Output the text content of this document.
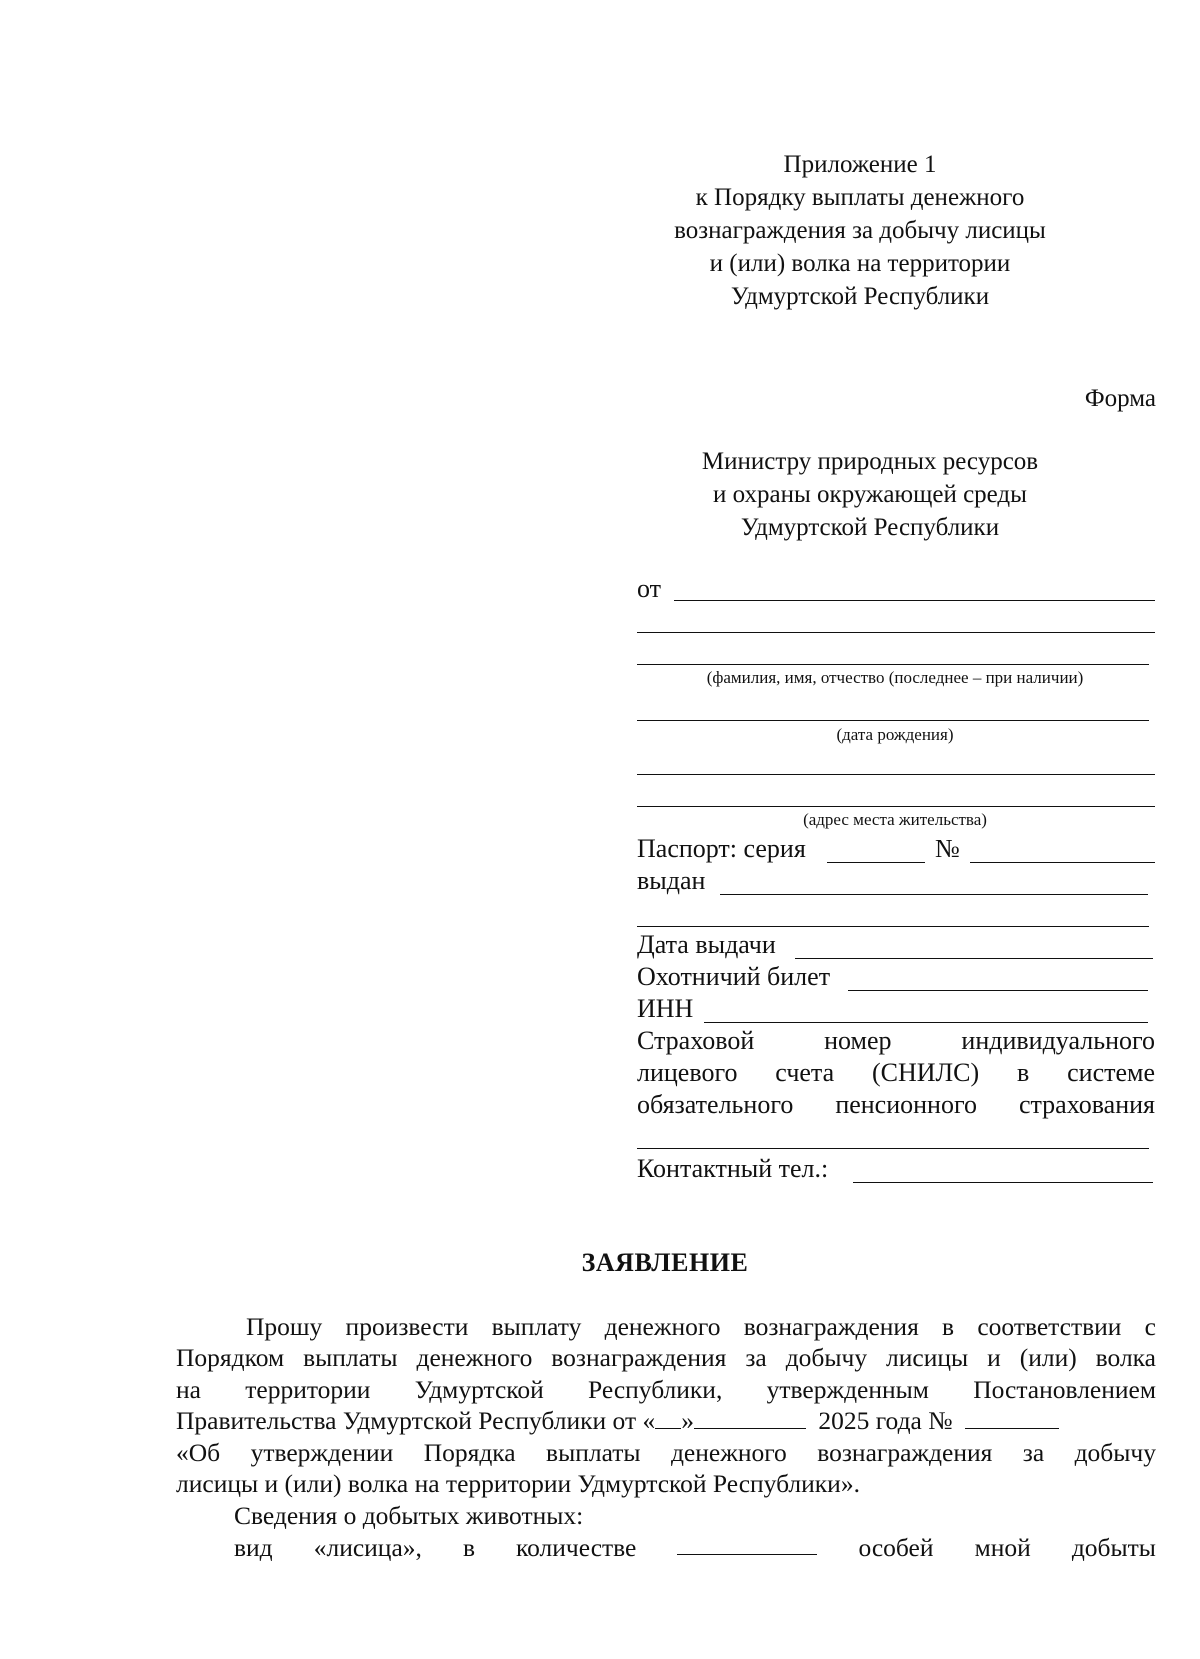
Приложение 1
к Порядку выплаты денежного
вознаграждения за добычу лисицы
и (или) волка на территории
Удмуртской Республики
Форма
Министру природных ресурсов
и охраны окружающей среды
Удмуртской Республики
от
(фамилия, имя, отчество (последнее – при наличии)
(дата рождения)
(адрес места жительства)
Паспорт: серия	№
выдан
Дата выдачи
Охотничий билет
ИНН
Страховой	номер	индивидуального
лицевого счета (СНИЛС) в системе
обязательного пенсионного страхования
Контактный тел.:
ЗАЯВЛЕНИЕ
Прошу произвести выплату денежного вознаграждения в соответствии с
Порядком выплаты денежного вознаграждения за добычу лисицы и (или) волка
на территории Удмуртской Республики, утвержденным Постановлением
Правительства Удмуртской Республики от « »	2025 года №
«Об утверждении Порядка выплаты денежного вознаграждения за добычу
лисицы и (или) волка на территории Удмуртской Республики».
Сведения о добытых животных:
вид «лисица», в количестве	особей мной добыты
